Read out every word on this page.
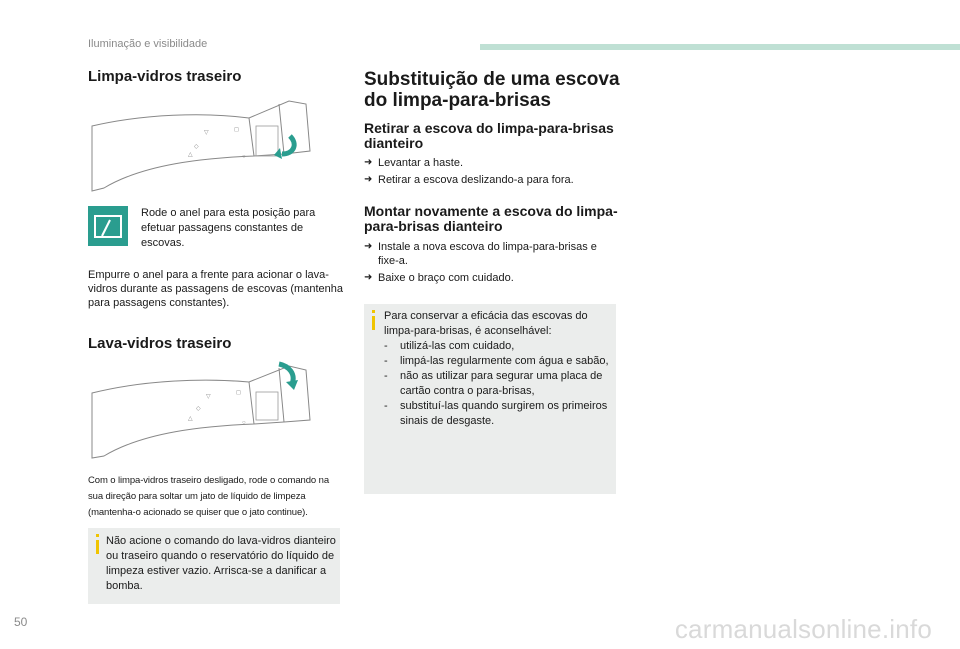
Iluminação e visibilidade
Limpa-vidros traseiro
△
◇
▽	◻
○
Rode o anel para esta posição para efetuar passagens constantes de escovas.
Empurre o anel para a frente para acionar o lava-vidros durante as passagens de escovas (mantenha para passagens constantes).
Lava-vidros traseiro
△
◇
▽
◻
○
Com o limpa-vidros traseiro desligado, rode o comando na sua direção para soltar um jato de líquido de limpeza (mantenha-o acionado se quiser que o jato continue).
Não acione o comando do lava-vidros dianteiro ou traseiro quando o reservatório do líquido de limpeza estiver vazio. Arrisca-se a danificar a bomba.
Substituição de uma escova do limpa-para-brisas
Retirar a escova do limpa-para-brisas dianteiro
➜ Levantar a haste.
➜ Retirar a escova deslizando-a para fora.
Montar novamente a escova do limpa-para-brisas dianteiro
➜ Instale a nova escova do limpa-para-brisas e fixe-a.
➜ Baixe o braço com cuidado.
Para conservar a eficácia das escovas do limpa-para-brisas, é aconselhável:
-	utilizá-las com cuidado,
-	limpá-las regularmente com água e sabão,
-	não as utilizar para segurar uma placa de cartão contra o para-brisas,
-	substituí-las quando surgirem os primeiros sinais de desgaste.
50	carmanualsonline.info
